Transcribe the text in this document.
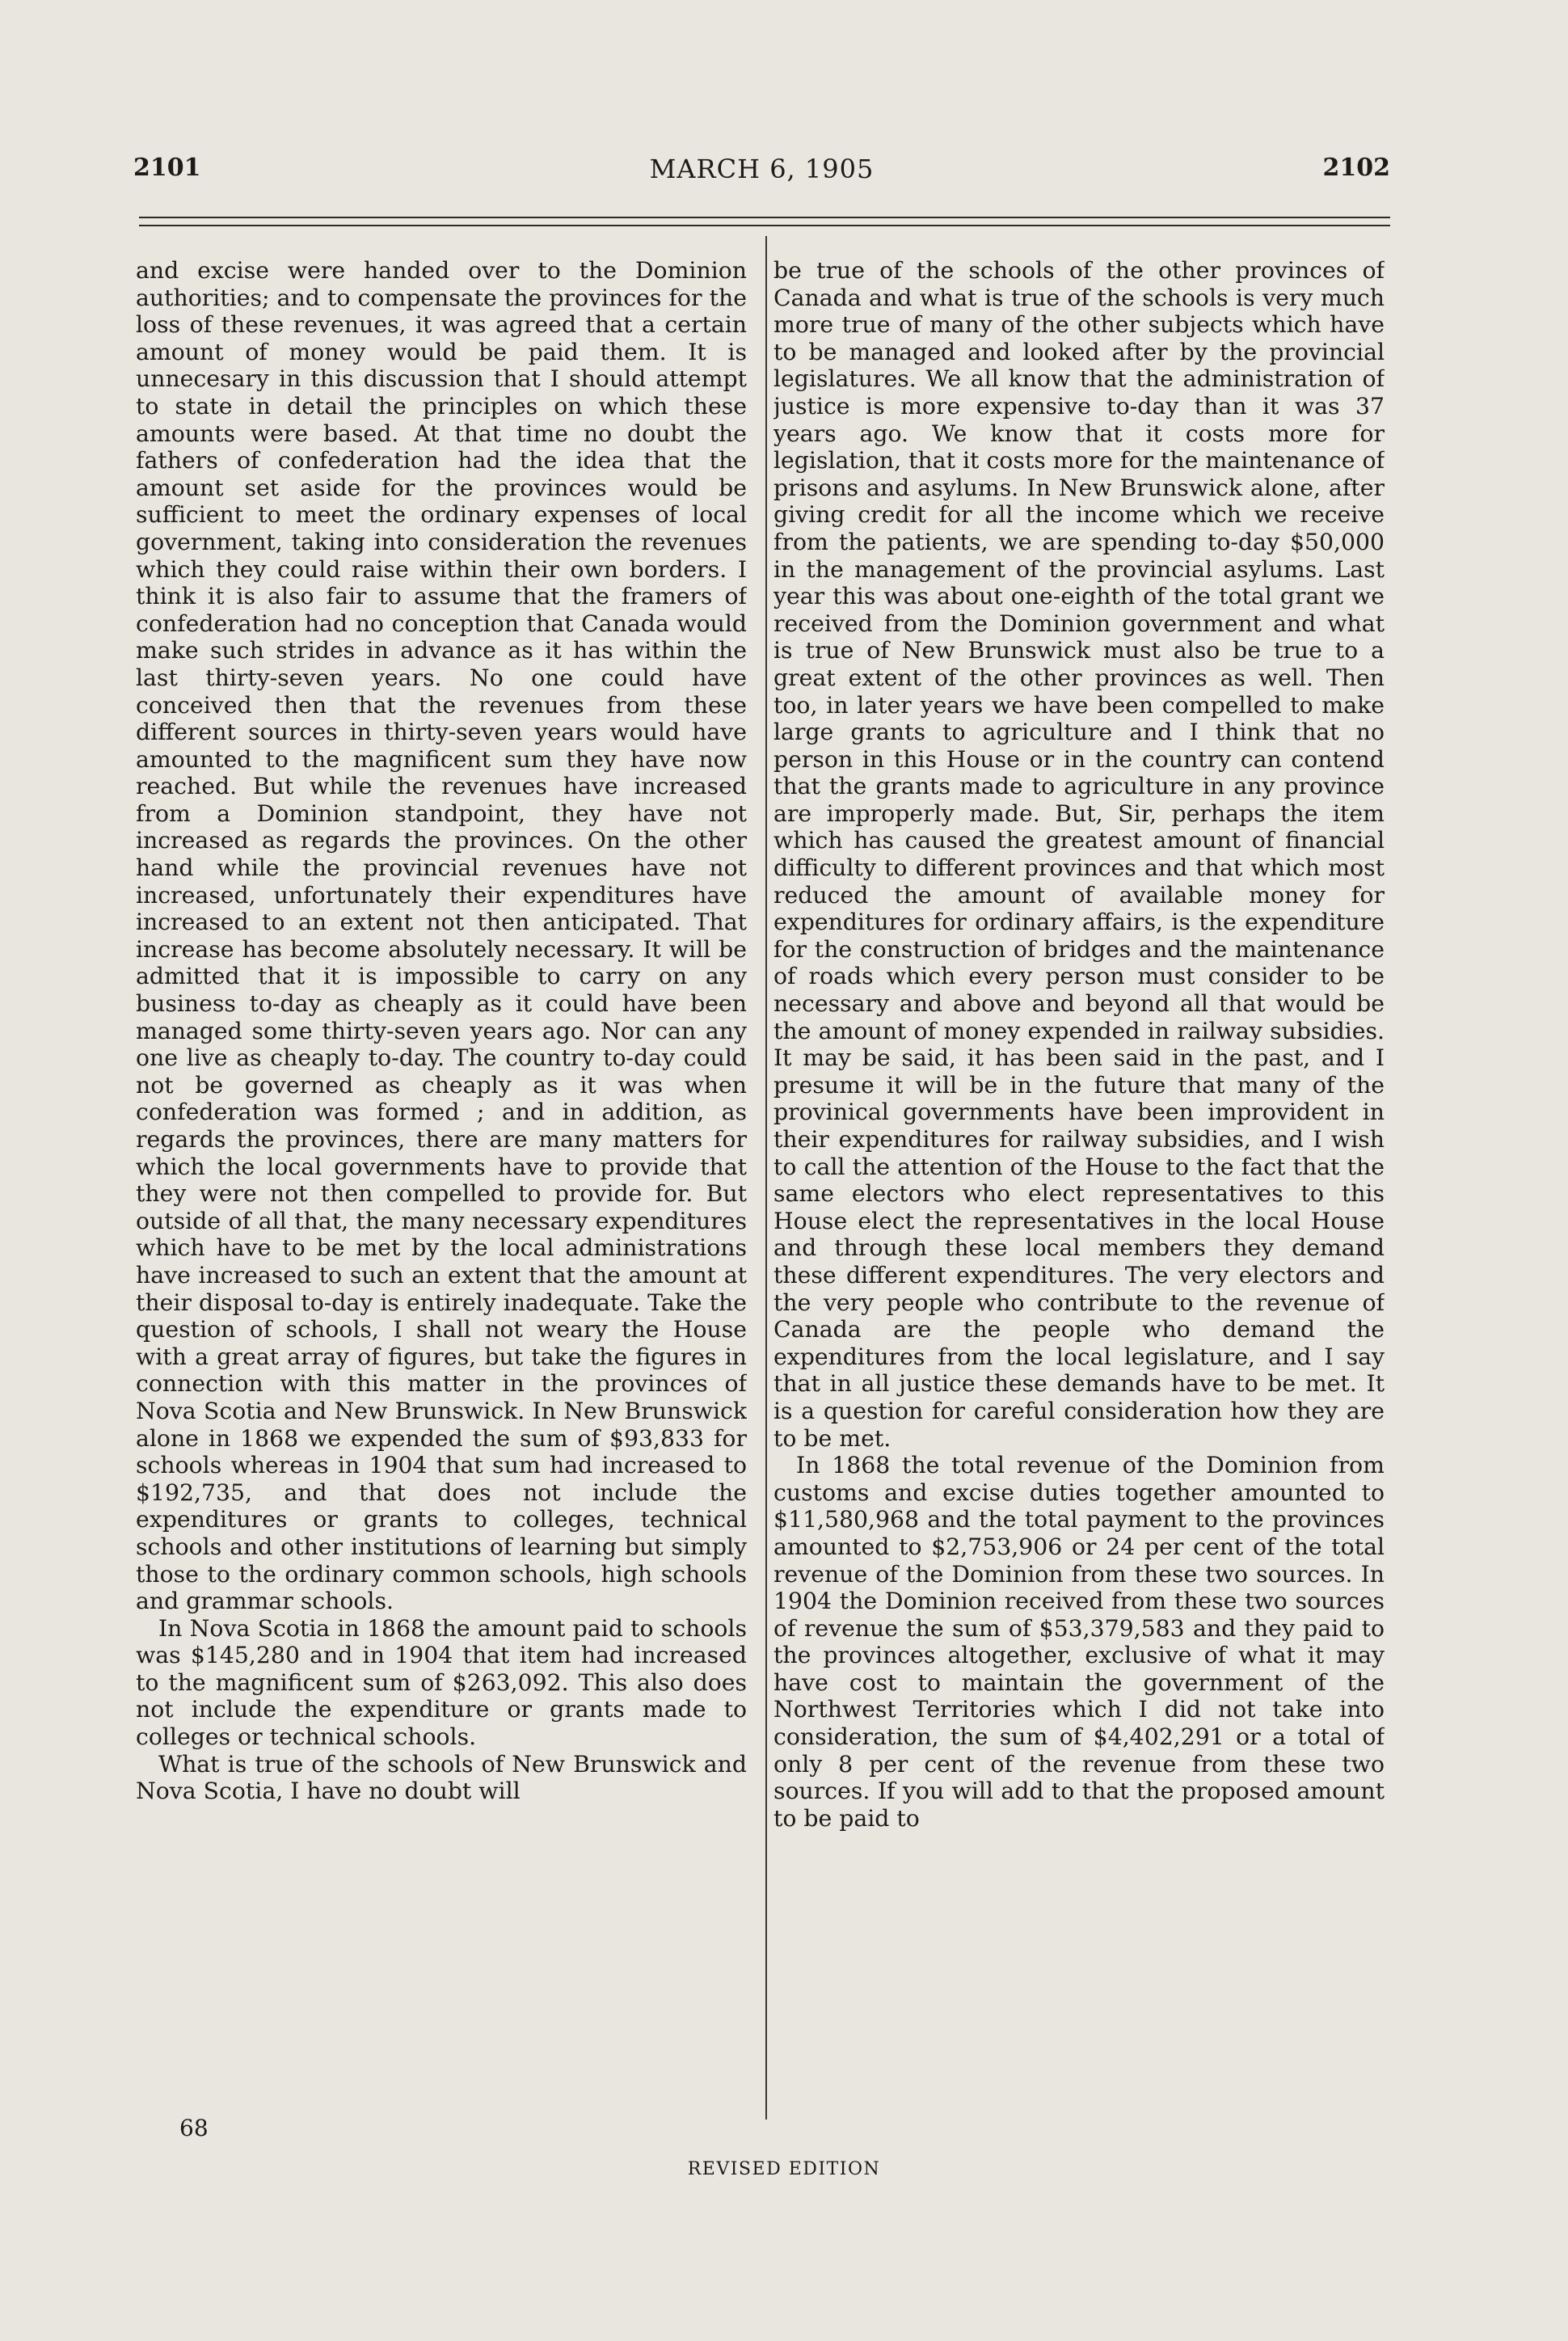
2101	MARCH 6, 1905	2102

and excise were handed over to the Dominion authorities; and to compensate the provinces for the loss of these revenues, it was agreed that a certain amount of money would be paid them. It is unnecesary in this discussion that I should attempt to state in detail the principles on which these amounts were based. At that time no doubt the fathers of confederation had the idea that the amount set aside for the provinces would be sufficient to meet the ordinary expenses of local government, taking into consideration the revenues which they could raise within their own borders. I think it is also fair to assume that the framers of confederation had no conception that Canada would make such strides in advance as it has within the last thirty-seven years. No one could have conceived then that the revenues from these different sources in thirty-seven years would have amounted to the magnificent sum they have now reached. But while the revenues have increased from a Dominion standpoint, they have not increased as regards the provinces. On the other hand while the provincial revenues have not increased, unfortunately their expenditures have increased to an extent not then anticipated. That increase has become absolutely necessary. It will be admitted that it is impossible to carry on any business to-day as cheaply as it could have been managed some thirty-seven years ago. Nor can any one live as cheaply to-day. The country to-day could not be governed as cheaply as it was when confederation was formed ; and in addition, as regards the provinces, there are many matters for which the local governments have to provide that they were not then compelled to provide for. But outside of all that, the many necessary expenditures which have to be met by the local administrations have increased to such an extent that the amount at their disposal to-day is entirely inadequate. Take the question of schools, I shall not weary the House with a great array of figures, but take the figures in connection with this matter in the provinces of Nova Scotia and New Brunswick. In New Brunswick alone in 1868 we expended the sum of $93,833 for schools whereas in 1904 that sum had increased to $192,735, and that does not include the expenditures or grants to colleges, technical schools and other institutions of learning but simply those to the ordinary common schools, high schools and grammar schools.

In Nova Scotia in 1868 the amount paid to schools was $145,280 and in 1904 that item had increased to the magnificent sum of $263,092. This also does not include the expenditure or grants made to colleges or technical schools.

What is true of the schools of New Brunswick and Nova Scotia, I have no doubt will

be true of the schools of the other provinces of Canada and what is true of the schools is very much more true of many of the other subjects which have to be managed and looked after by the provincial legislatures. We all know that the administration of justice is more expensive to-day than it was 37 years ago. We know that it costs more for legislation, that it costs more for the maintenance of prisons and asylums. In New Brunswick alone, after giving credit for all the income which we receive from the patients, we are spending to-day $50,000 in the management of the provincial asylums. Last year this was about one-eighth of the total grant we received from the Dominion government and what is true of New Brunswick must also be true to a great extent of the other provinces as well. Then too, in later years we have been compelled to make large grants to agriculture and I think that no person in this House or in the country can contend that the grants made to agriculture in any province are improperly made. But, Sir, perhaps the item which has caused the greatest amount of financial difficulty to different provinces and that which most reduced the amount of available money for expenditures for ordinary affairs, is the expenditure for the construction of bridges and the maintenance of roads which every person must consider to be necessary and above and beyond all that would be the amount of money expended in railway subsidies. It may be said, it has been said in the past, and I presume it will be in the future that many of the provinical governments have been improvident in their expenditures for railway subsidies, and I wish to call the attention of the House to the fact that the same electors who elect representatives to this House elect the representatives in the local House and through these local members they demand these different expenditures. The very electors and the very people who contribute to the revenue of Canada are the people who demand the expenditures from the local legislature, and I say that in all justice these demands have to be met. It is a question for careful consideration how they are to be met.

In 1868 the total revenue of the Dominion from customs and excise duties together amounted to $11,580,968 and the total payment to the provinces amounted to $2,753,906 or 24 per cent of the total revenue of the Dominion from these two sources. In 1904 the Dominion received from these two sources of revenue the sum of $53,379,583 and they paid to the provinces altogether, exclusive of what it may have cost to maintain the government of the Northwest Territories which I did not take into consideration, the sum of $4,402,291 or a total of only 8 per cent of the revenue from these two sources. If you will add to that the proposed amount to be paid to

68
REVISED EDITION
